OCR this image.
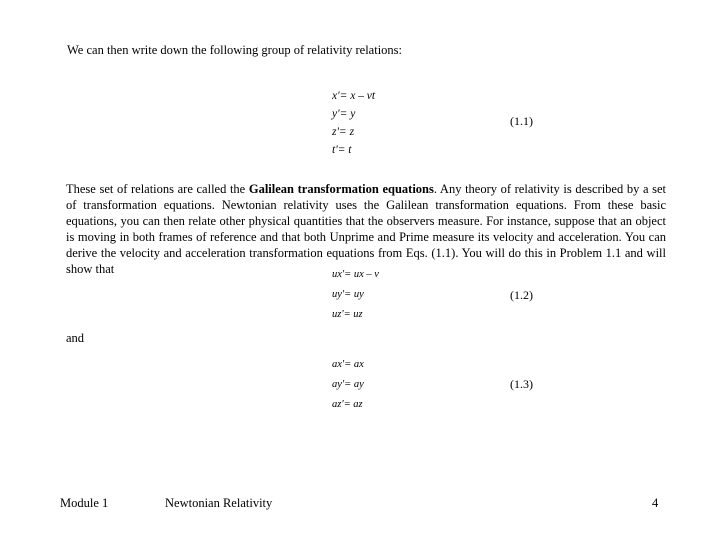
We can then write down the following group of relativity relations:
x'= x – vt
y'= y
z'= z
t'= t
(1.1)
These set of relations are called the Galilean transformation equations. Any theory of relativity is described by a set of transformation equations. Newtonian relativity uses the Galilean transformation equations. From these basic equations, you can then relate other physical quantities that the observers measure. For instance, suppose that an object is moving in both frames of reference and that both Unprime and Prime measure its velocity and acceleration. You can derive the velocity and acceleration transformation equations from Eqs. (1.1). You will do this in Problem 1.1 and will show that	ux'= ux – v
uy'= uy
uz'= uz
(1.2)
and
ax'= ax
ay'= ay
az'= az
(1.3)
Module 1	Newtonian Relativity	4
